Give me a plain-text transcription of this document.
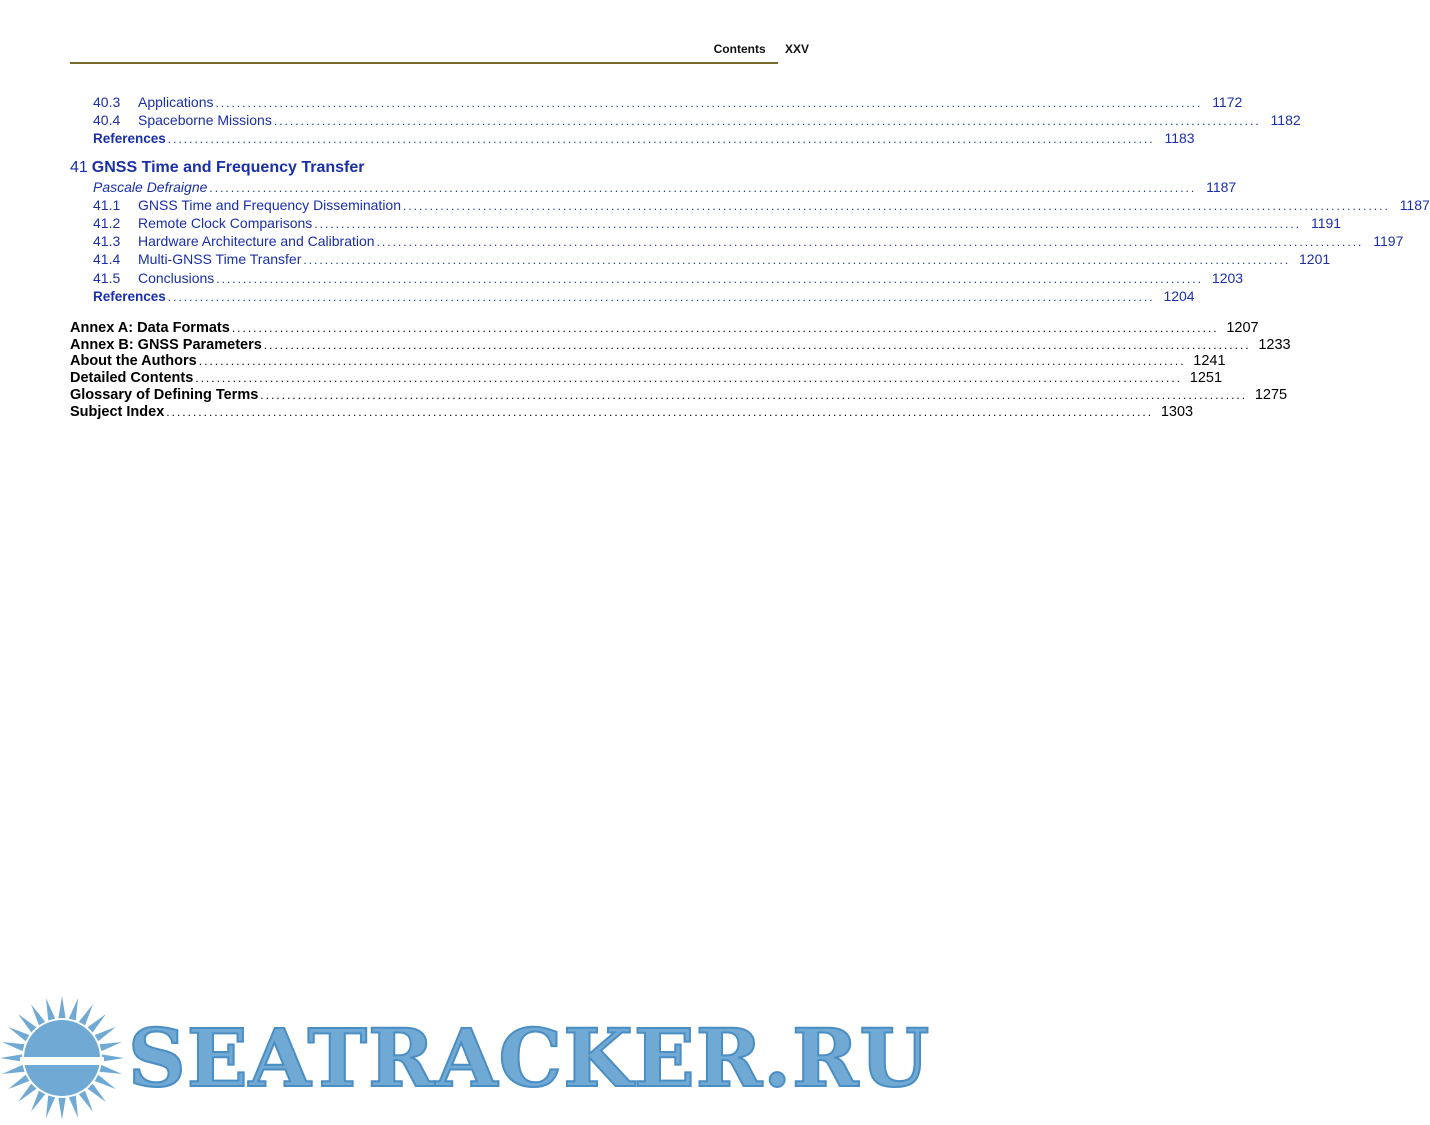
Contents XXV
40.3	Applications .....	1172
40.4	Spaceborne Missions .....	1182
References .....	1183
41 GNSS Time and Frequency Transfer
Pascale Defraigne .....	1187
41.1	GNSS Time and Frequency Dissemination .....	1187
41.2	Remote Clock Comparisons .....	1191
41.3	Hardware Architecture and Calibration .....	1197
41.4	Multi-GNSS Time Transfer .....	1201
41.5	Conclusions .....	1203
References .....	1204
Annex A: Data Formats .....	1207
Annex B: GNSS Parameters .....	1233
About the Authors .....	1241
Detailed Contents .....	1251
Glossary of Defining Terms .....	1275
Subject Index .....	1303
SEATRACKER.RU
